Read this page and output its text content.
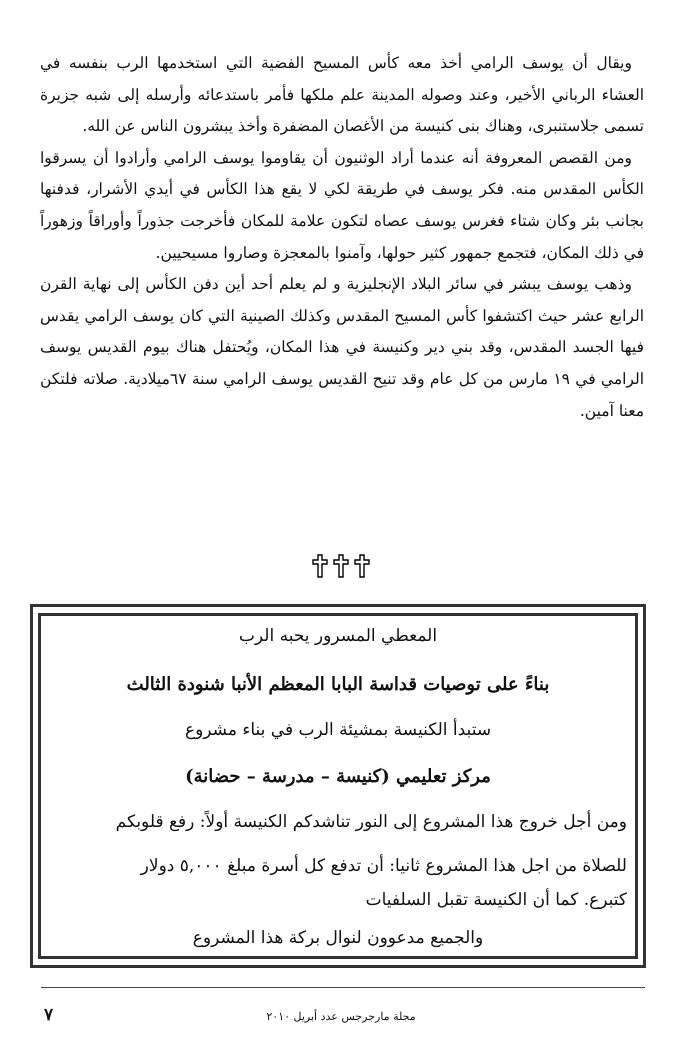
ويقال أن يوسف الرامي أخذ معه كأس المسيح الفضية التي استخدمها الرب بنفسه في العشاء الرباني الأخير، وعند وصوله المدينة علم ملكها فأمر باستدعائه وأرسله إلى شبه جزيرة تسمى جلاستنبرى، وهناك بنى كنيسة من الأغصان المضفرة وأخذ يبشرون الناس عن الله.

ومن القصص المعروفة أنه عندما أراد الوثنيون أن يقاوموا يوسف الرامي وأرادوا أن يسرقوا الكأس المقدس منه. فكر يوسف في طريقة لكي لا يقع هذا الكأس في أيدي الأشرار، فدفنها بجانب بئر وكان شتاء فغرس يوسف عصاه لتكون علامة للمكان فأخرجت جذوراً وأوراقاً وزهوراً في ذلك المكان، فتجمع جمهور كثير حولها، وآمنوا بالمعجزة وصاروا مسيحيين.

وذهب يوسف يبشر في سائر البلاد الإنجليزية و لم يعلم أحد أين دفن الكأس إلى نهاية القرن الرابع عشر حيث اكتشفوا كأس المسيح المقدس وكذلك الصينية التي كان يوسف الرامي يقدس فيها الجسد المقدس، وقد بني دير وكنيسة في هذا المكان، ويُحتفل هناك بيوم القديس يوسف الرامي في ١٩ مارس من كل عام وقد تنيح القديس يوسف الرامي سنة ٦٧ميلادية. صلاته فلتكن معنا آمين.

المعطي المسرور يحبه الرب
بناءً على توصيات قداسة البابا المعظم الأنبا شنودة الثالث
ستبدأ الكنيسة بمشيئة الرب في بناء مشروع
مركز تعليمي (كنيسة – مدرسة – حضانة)
ومن أجل خروج هذا المشروع إلى النور تناشدكم الكنيسة أولاً: رفع قلوبكم
للصلاة من اجل هذا المشروع ثانيا: أن تدفع كل أسرة مبلغ ٥,٠٠٠ دولار
كتبرع. كما أن الكنيسة تقبل السلفيات
والجميع مدعوون لنوال بركة هذا المشروع
٧	مجلة مارجرجس عدد أبريل ٢٠١٠
